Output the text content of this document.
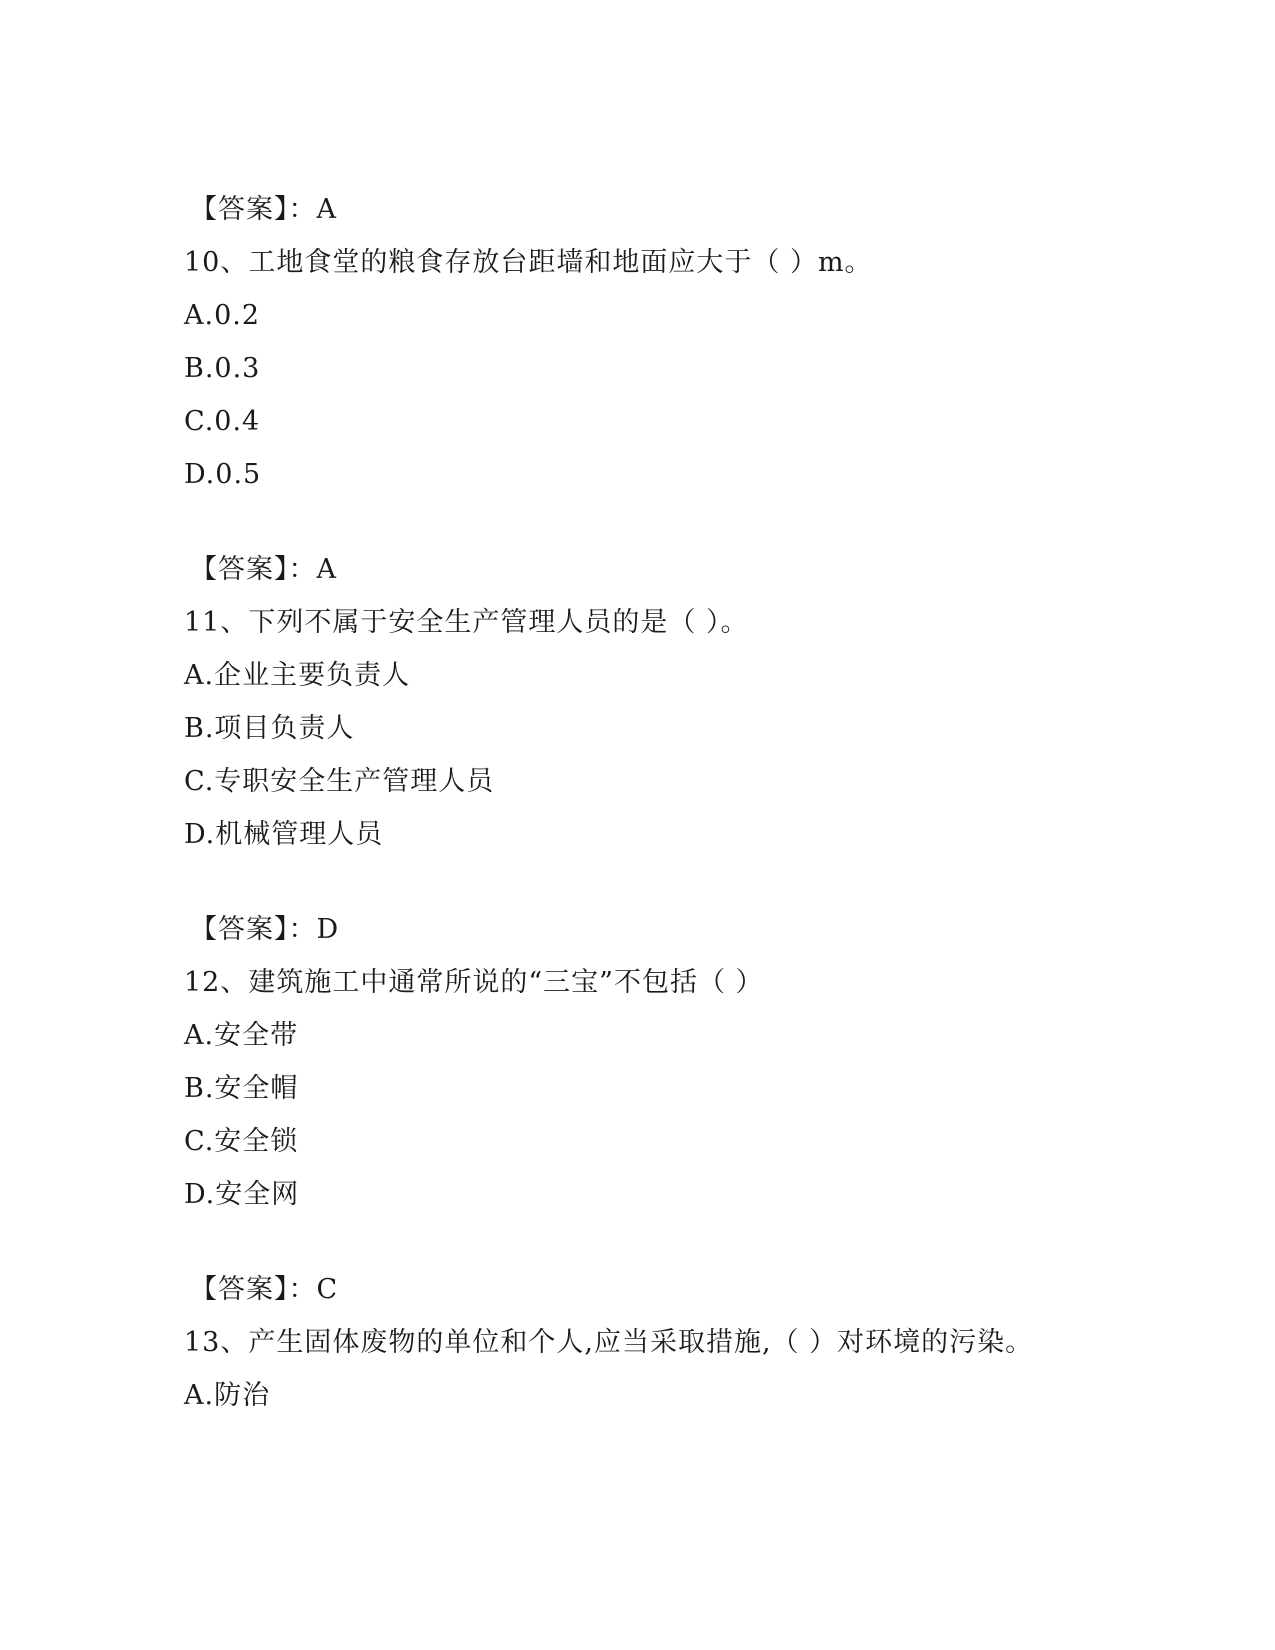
【答案】：A
10、工地食堂的粮食存放台距墙和地面应大于（ ）m。
A.0.2
B.0.3
C.0.4
D.0.5
【答案】：A
11、下列不属于安全生产管理人员的是（ ）。
A.企业主要负责人
B.项目负责人
C.专职安全生产管理人员
D.机械管理人员
【答案】：D
12、建筑施工中通常所说的“三宝”不包括（ ）
A.安全带
B.安全帽
C.安全锁
D.安全网
【答案】：C
13、产生固体废物的单位和个人,应当采取措施,（ ）对环境的污染。
A.防治
